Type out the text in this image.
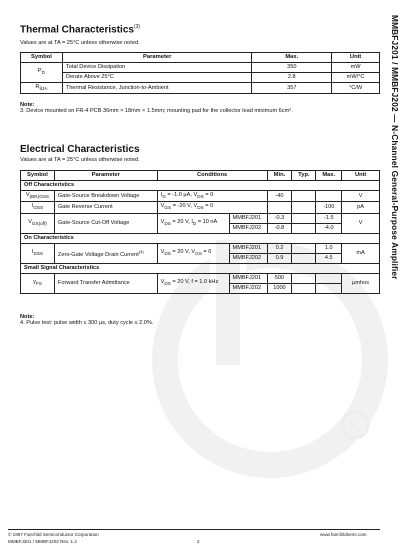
R
MMBFJ201 / MMBFJ202 — N-Channel General-Purpose Amplifier
Thermal Characteristics$^{(3)}$
Values are at TA = 25°C unless otherwise noted.
Symbol	Parameter	Max.	Unit
$P_D$	Total Device Dissipation	350	mW
	Derate Above 25°C	2.8	mW/°C
$R_{\theta JA}$	Thermal Resistance, Junction-to-Ambient	357	°C/W
Note:
3. Device mounted on FR-4 PCB 36mm × 18mm × 1.5mm; mounting pad for the collector lead minimum 6cm².
Electrical Characteristics
Values are at TA = 25°C unless otherwise noted.
Symbol	Parameter	Conditions		Min.	Typ.	Max.	Unit
Off Characteristics							
$V_{(BR)GSS}$	Gate-Source Breakdown Voltage	$I_G = -1.0$ µA, $V_{DS} = 0$		-40			V
$I_{GSS}$	Gate Reverse Current	$V_{GS} = -20$ V, $V_{DS} = 0$				-100	pA
$V_{GS(off)}$	Gate-Source Cut-Off Voltage	$V_{DS} = 20$ V, $I_D = 10$ nA	MMBFJ201	-0.3		-1.5	V
			MMBFJ202	-0.8		-4.0	
On Characteristics							
$I_{DSS}$	Zero-Gate Voltage Drain Current$^{(4)}$	$V_{DS} = 20$ V, $V_{GS} = 0$	MMBFJ201	0.2		1.0	mA
			MMBFJ202	0.9		4.5	
Small Signal Characteristics							
$y_{FS}$	Forward Transfer Admittance	$V_{DS} = 20$ V, f = 1.0 kHz	MMBFJ201	500			µmhos
			MMBFJ202	1000			
Note:
4. Pulse test: pulse width ≤ 300 µs, duty cycle ≤ 2.0%.
© 1997 Fairchild Semiconductor Corporation
MMBFJ201 / MMBFJ202 Rev. 1.4	2
www.fairchildsemi.com
